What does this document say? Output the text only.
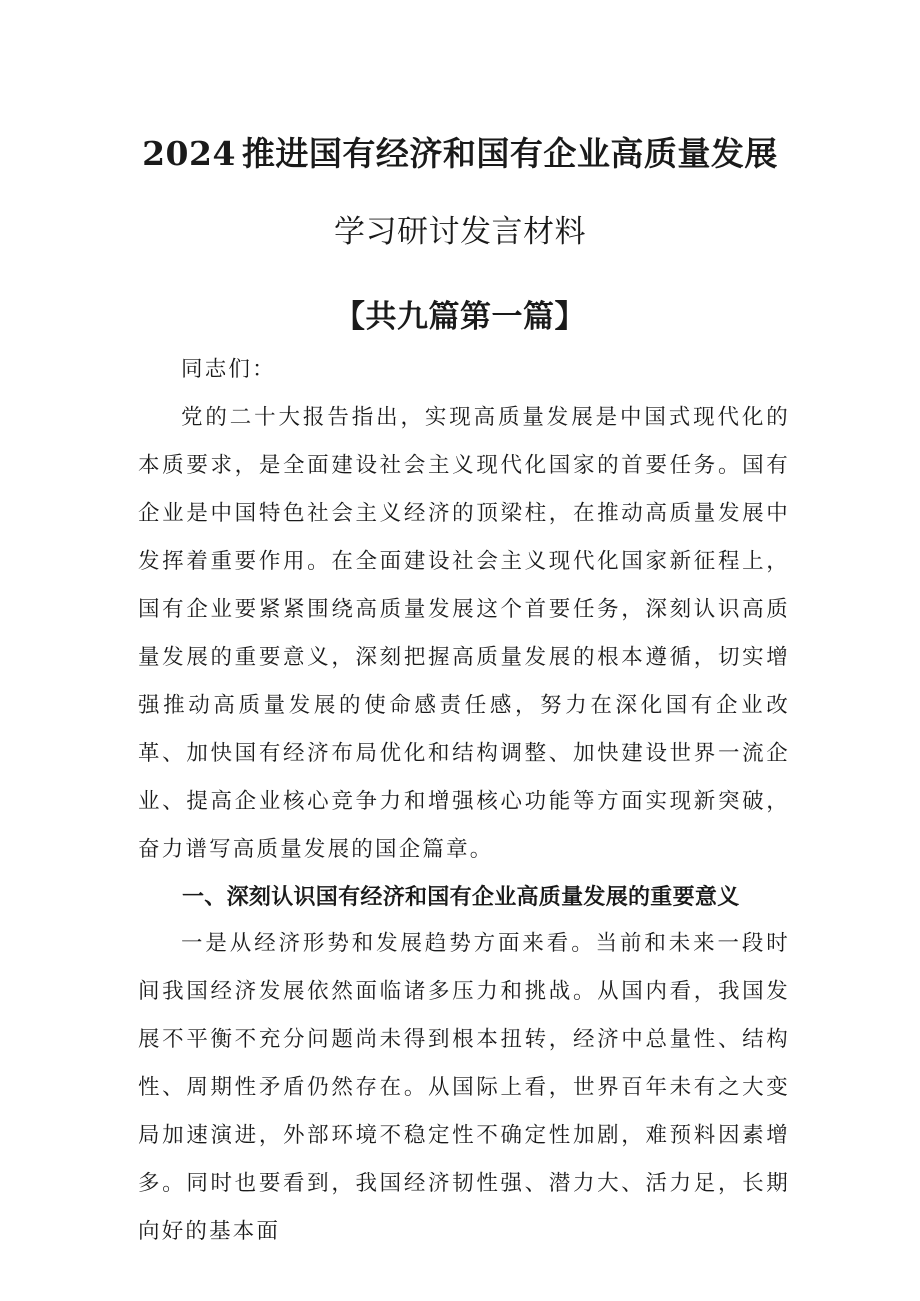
2024 推进国有经济和国有企业高质量发展
学习研讨发言材料
【共九篇第一篇】
同志们：
党的二十大报告指出，实现高质量发展是中国式现代化的本质要求，是全面建设社会主义现代化国家的首要任务。国有企业是中国特色社会主义经济的顶梁柱，在推动高质量发展中发挥着重要作用。在全面建设社会主义现代化国家新征程上，国有企业要紧紧围绕高质量发展这个首要任务，深刻认识高质量发展的重要意义，深刻把握高质量发展的根本遵循，切实增强推动高质量发展的使命感责任感，努力在深化国有企业改革、加快国有经济布局优化和结构调整、加快建设世界一流企业、提高企业核心竞争力和增强核心功能等方面实现新突破，奋力谱写高质量发展的国企篇章。
一、深刻认识国有经济和国有企业高质量发展的重要意义
一是从经济形势和发展趋势方面来看。当前和未来一段时间我国经济发展依然面临诸多压力和挑战。从国内看，我国发展不平衡不充分问题尚未得到根本扭转，经济中总量性、结构性、周期性矛盾仍然存在。从国际上看，世界百年未有之大变局加速演进，外部环境不稳定性不确定性加剧，难预料因素增多。同时也要看到，我国经济韧性强、潜力大、活力足，长期向好的基本面
